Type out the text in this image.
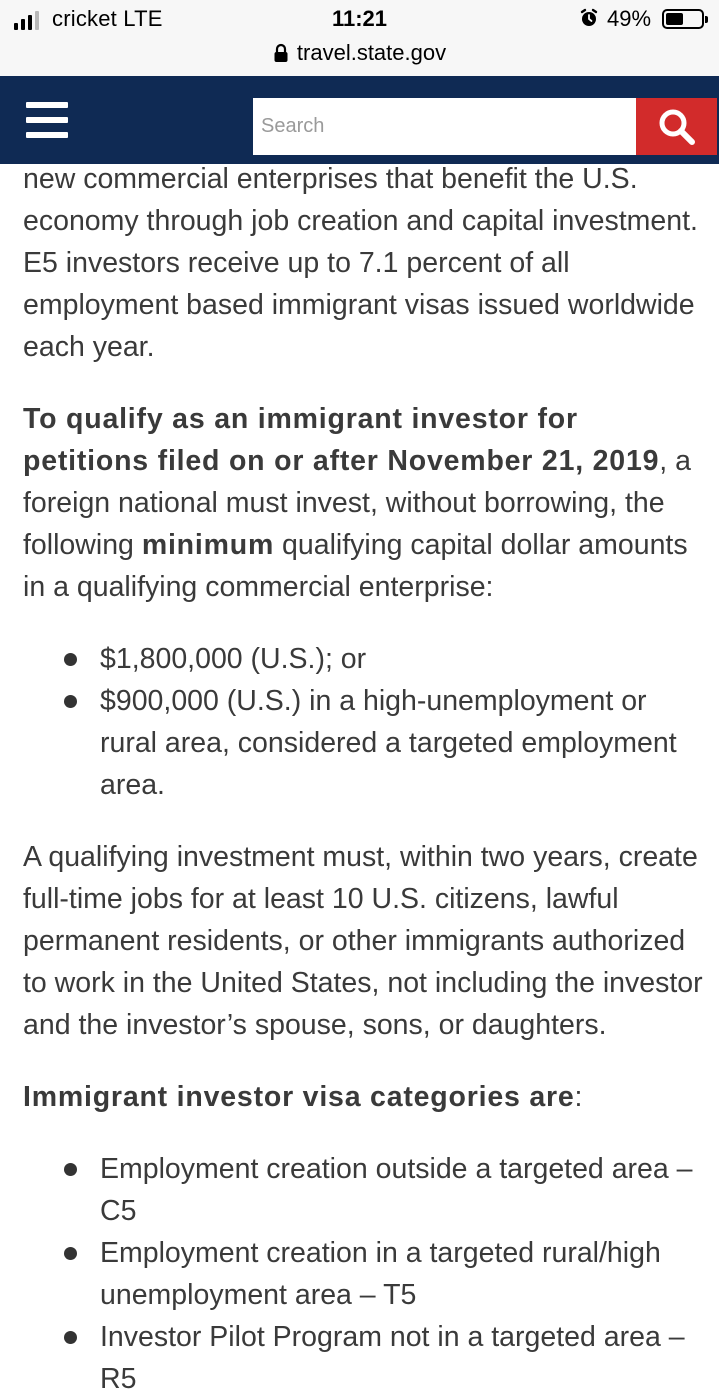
cricket LTE	11:21	49%
travel.state.gov
Search

new commercial enterprises that benefit the U.S. economy through job creation and capital investment. E5 investors receive up to 7.1 percent of all employment based immigrant visas issued worldwide each year.

To qualify as an immigrant investor for petitions filed on or after November 21, 2019, a foreign national must invest, without borrowing, the following minimum qualifying capital dollar amounts in a qualifying commercial enterprise:

$1,800,000 (U.S.); or
$900,000 (U.S.) in a high-unemployment or rural area, considered a targeted employment area.

A qualifying investment must, within two years, create full-time jobs for at least 10 U.S. citizens, lawful permanent residents, or other immigrants authorized to work in the United States, not including the investor and the investor’s spouse, sons, or daughters.

Immigrant investor visa categories are:

Employment creation outside a targeted area – C5
Employment creation in a targeted rural/high unemployment area – T5
Investor Pilot Program not in a targeted area – R5
